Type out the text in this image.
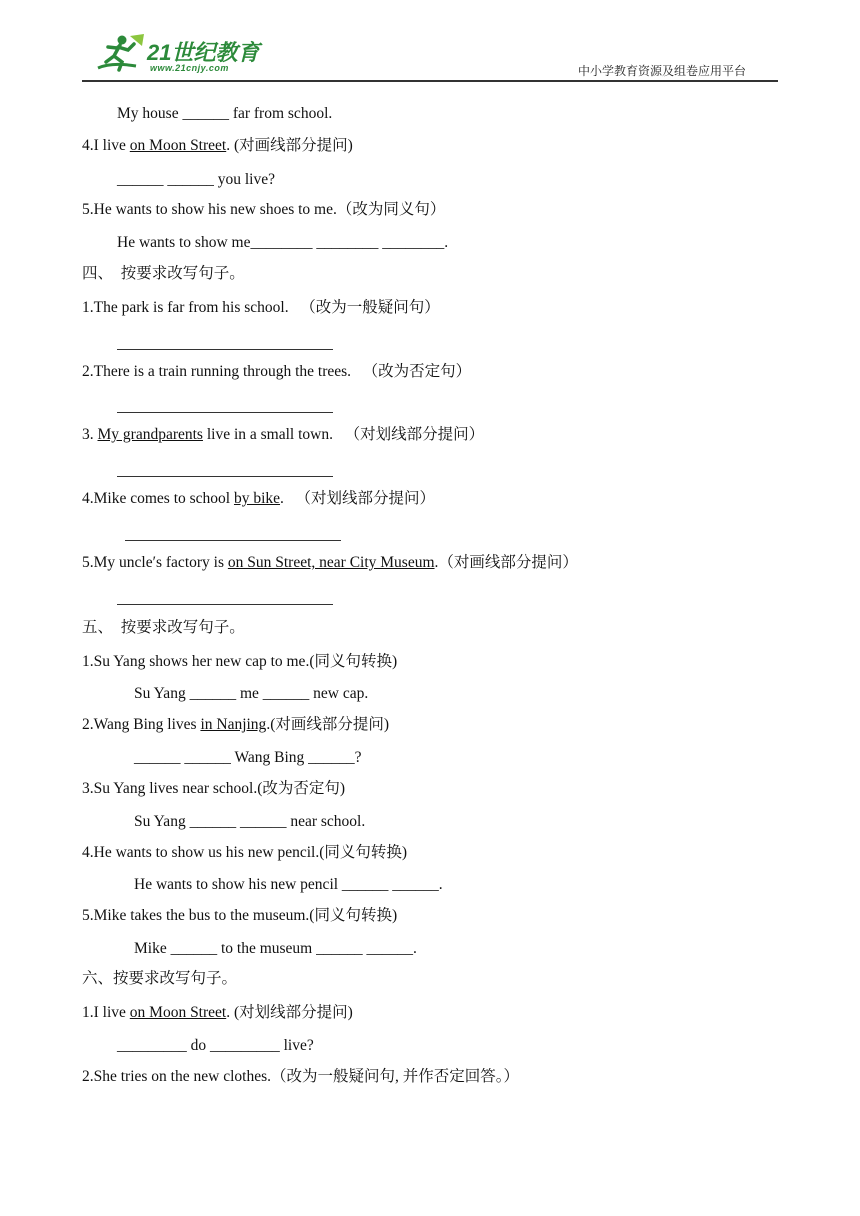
21世纪教育
www.21cnjy.com	中小学教育资源及组卷应用平台
My house ______ far from school.
4.I live on Moon Street. (对画线部分提问)
______ ______ you live?
5.He wants to show his new shoes to me.（改为同义句）
He wants to show me________ ________ ________.
四、  按要求改写句子。
1.The park is far from his school.   （改为一般疑问句）
2.There is a train running through the trees.   （改为否定句）
3. My grandparents live in a small town.   （对划线部分提问）
4.Mike comes to school by bike.   （对划线部分提问）
5.My uncle′s factory is on Sun Street, near City Museum.（对画线部分提问）
五、  按要求改写句子。
1.Su Yang shows her new cap to me.(同义句转换)
Su Yang ______ me ______ new cap.
2.Wang Bing lives in Nanjing.(对画线部分提问)
______ ______ Wang Bing ______?
3.Su Yang lives near school.(改为否定句)
Su Yang ______ ______ near school.
4.He wants to show us his new pencil.(同义句转换)
He wants to show his new pencil ______ ______.
5.Mike takes the bus to the museum.(同义句转换)
Mike ______ to the museum ______ ______.
六、按要求改写句子。
1.I live on Moon Street. (对划线部分提问)
_________ do _________ live?
2.She tries on the new clothes.（改为一般疑问句, 并作否定回答。）
